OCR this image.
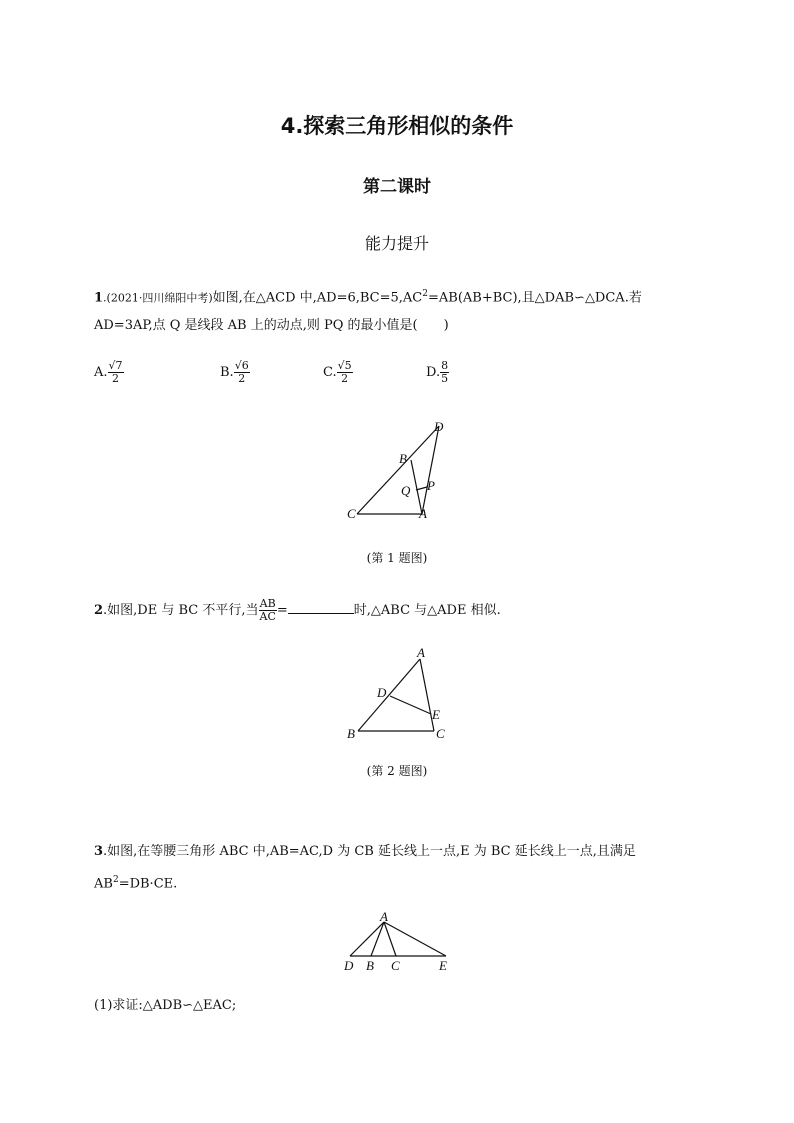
4.探索三角形相似的条件
第二课时
能力提升
1.(2021·四川绵阳中考)如图,在△ACD 中$,AD=6,BC=5,AC^2=AB(AB+BC)$,且△DAB∽△DCA.若
AD=3AP,点 Q 是线段 AB 上的动点,则 PQ 的最小值是(　　)
A. $\frac{√7}{2}$	B. $\frac{√6}{2}$	C. $\frac{√5}{2}$	D. $\frac{8}{5}$
D
B
Q P
C	A
(第 1 题图)
2.如图,DE 与 BC 不平行,当 $\frac{AB}{AC}$ =	时,△ABC 与△ADE 相似.
A
D
E
B	C
(第 2 题图)
3.如图,在等腰三角形 ABC 中,AB=AC,D 为 CB 延长线上一点,E 为 BC 延长线上一点,且满足
$AB^2=DB\cdot CE$.
A
D B C	E
(1)求证:△ADB∽△EAC;
